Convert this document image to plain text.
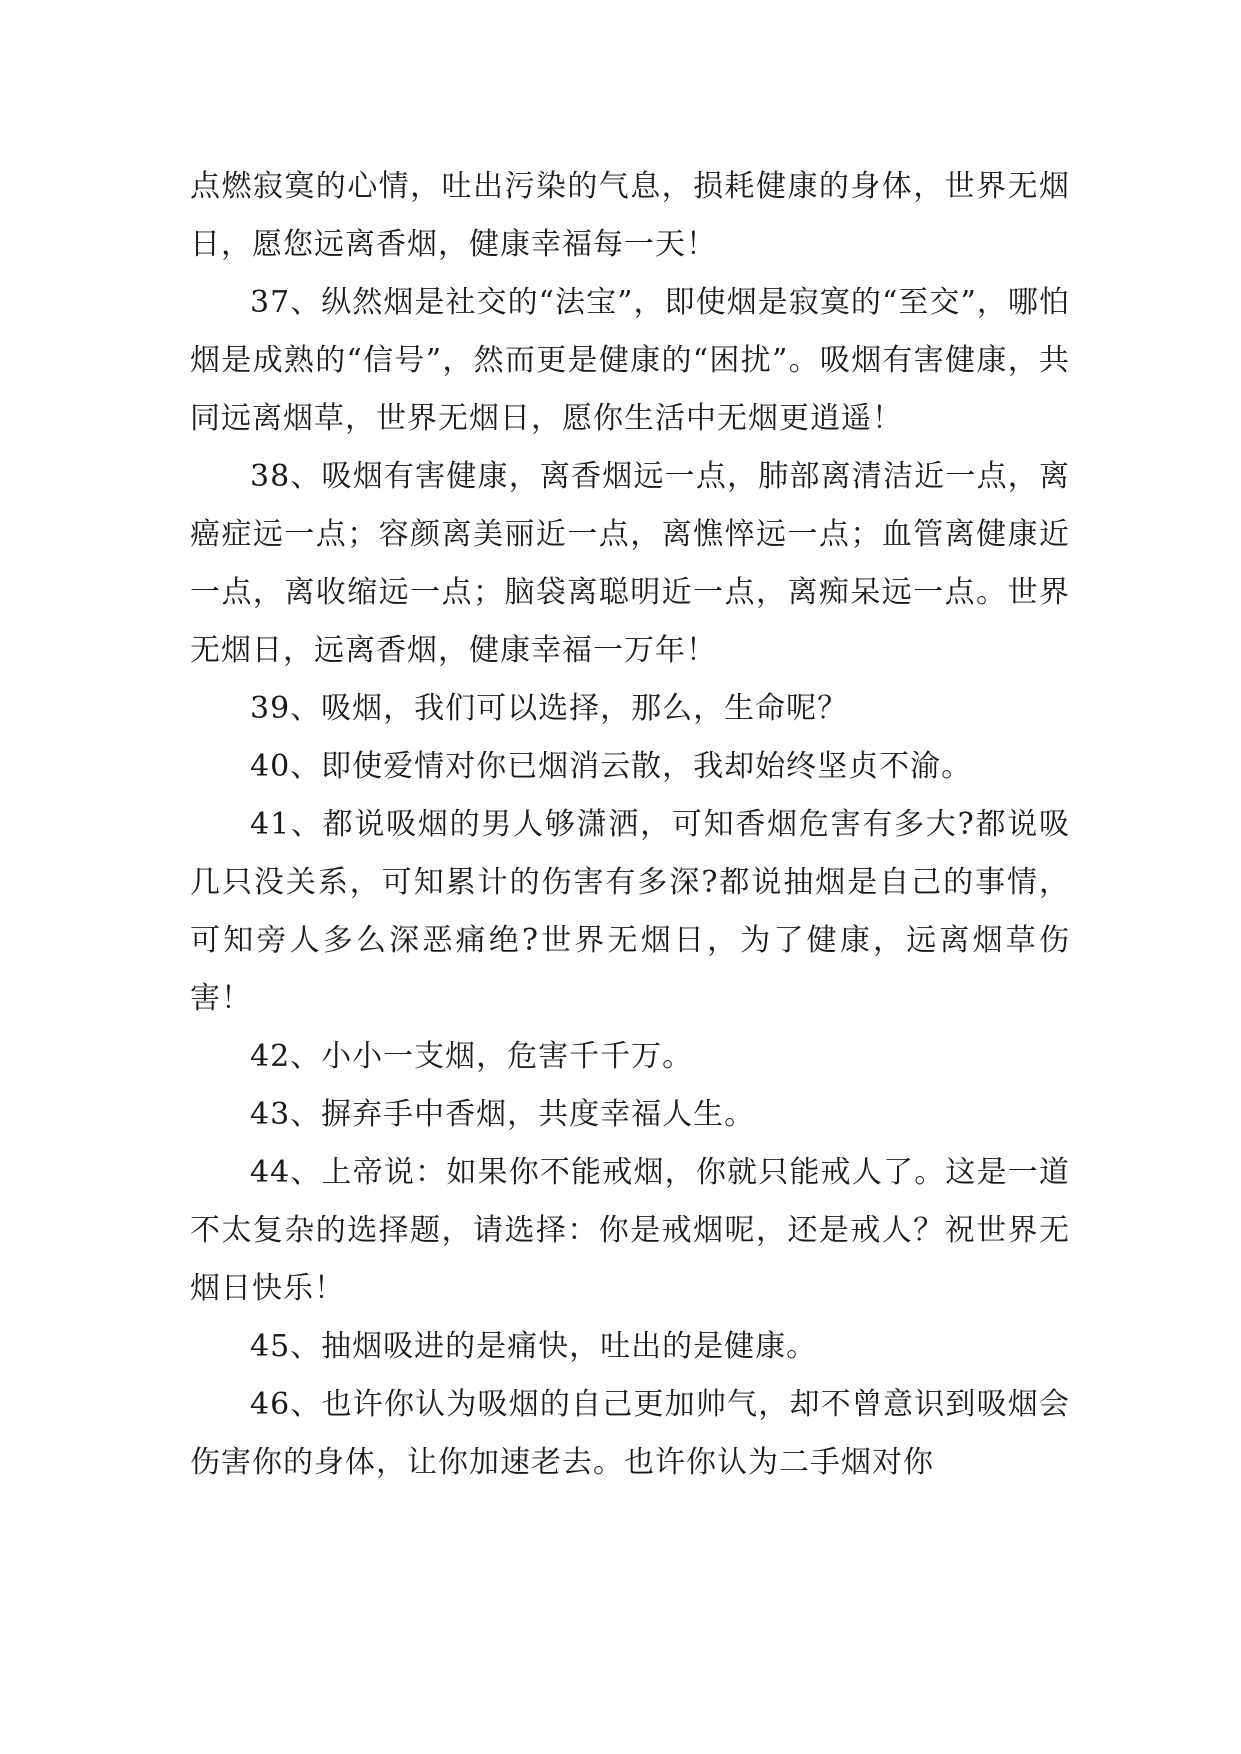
点燃寂寞的心情，吐出污染的气息，损耗健康的身体，世界无烟日，愿您远离香烟，健康幸福每一天！

37、纵然烟是社交的“法宝”，即使烟是寂寞的“至交”，哪怕烟是成熟的“信号”，然而更是健康的“困扰”。吸烟有害健康，共同远离烟草，世界无烟日，愿你生活中无烟更逍遥！

38、吸烟有害健康，离香烟远一点，肺部离清洁近一点，离癌症远一点；容颜离美丽近一点，离憔悴远一点；血管离健康近一点，离收缩远一点；脑袋离聪明近一点，离痴呆远一点。世界无烟日，远离香烟，健康幸福一万年！

39、吸烟，我们可以选择，那么，生命呢？

40、即使爱情对你已烟消云散，我却始终坚贞不渝。

41、都说吸烟的男人够潇洒，可知香烟危害有多大?都说吸几只没关系，可知累计的伤害有多深?都说抽烟是自己的事情，可知旁人多么深恶痛绝?世界无烟日，为了健康，远离烟草伤害！

42、小小一支烟，危害千千万。

43、摒弃手中香烟，共度幸福人生。

44、上帝说：如果你不能戒烟，你就只能戒人了。这是一道不太复杂的选择题，请选择：你是戒烟呢，还是戒人？祝世界无烟日快乐！

45、抽烟吸进的是痛快，吐出的是健康。

46、也许你认为吸烟的自己更加帅气，却不曾意识到吸烟会伤害你的身体，让你加速老去。也许你认为二手烟对你
